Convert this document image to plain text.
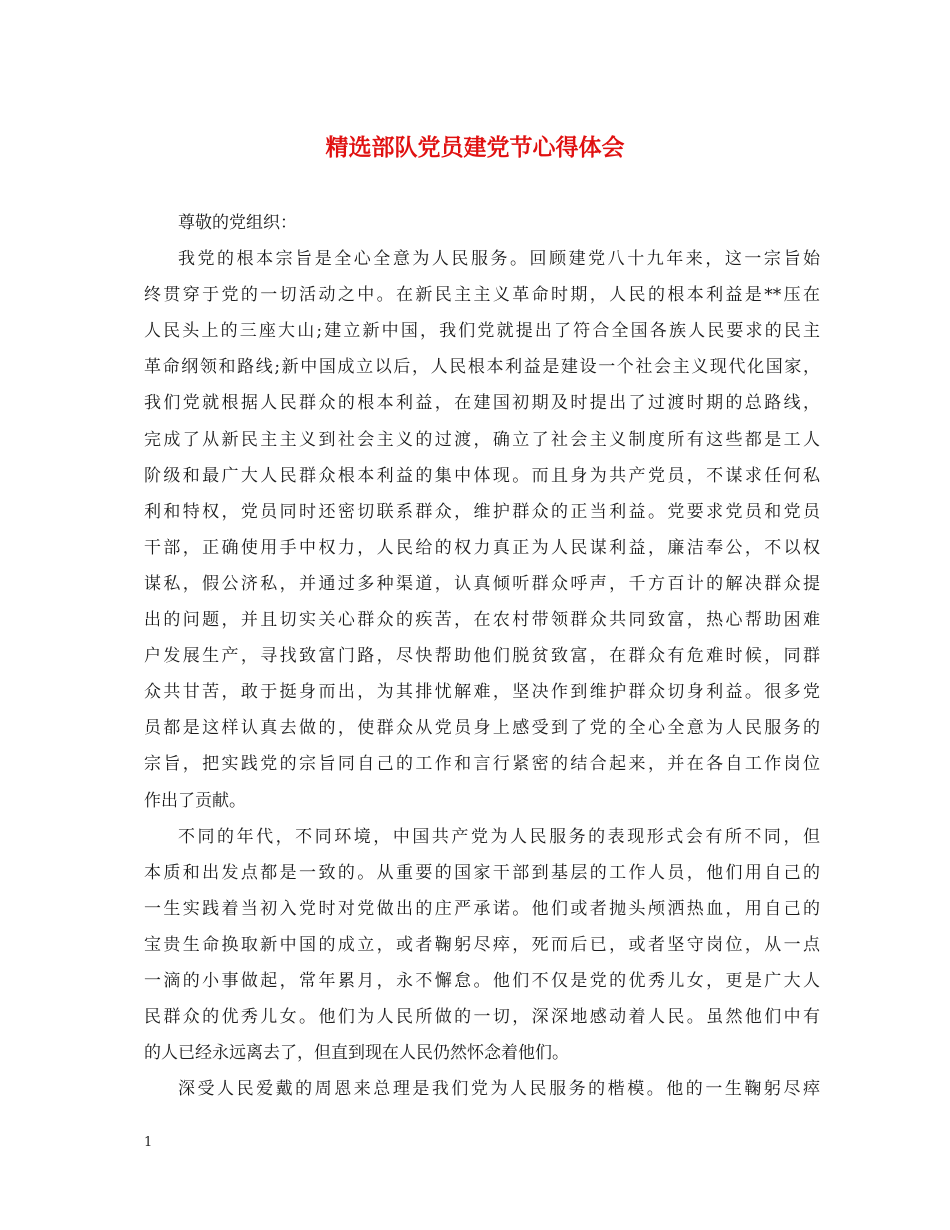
精选部队党员建党节心得体会
尊敬的党组织：
我党的根本宗旨是全心全意为人民服务。回顾建党八十九年来，这一宗旨始
终贯穿于党的一切活动之中。在新民主主义革命时期，人民的根本利益是**压在
人民头上的三座大山;建立新中国，我们党就提出了符合全国各族人民要求的民主
革命纲领和路线;新中国成立以后，人民根本利益是建设一个社会主义现代化国家，
我们党就根据人民群众的根本利益，在建国初期及时提出了过渡时期的总路线，
完成了从新民主主义到社会主义的过渡，确立了社会主义制度所有这些都是工人
阶级和最广大人民群众根本利益的集中体现。而且身为共产党员，不谋求任何私
利和特权，党员同时还密切联系群众，维护群众的正当利益。党要求党员和党员
干部，正确使用手中权力，人民给的权力真正为人民谋利益，廉洁奉公，不以权
谋私，假公济私，并通过多种渠道，认真倾听群众呼声，千方百计的解决群众提
出的问题，并且切实关心群众的疾苦，在农村带领群众共同致富，热心帮助困难
户发展生产，寻找致富门路，尽快帮助他们脱贫致富，在群众有危难时候，同群
众共甘苦，敢于挺身而出，为其排忧解难，坚决作到维护群众切身利益。很多党
员都是这样认真去做的，使群众从党员身上感受到了党的全心全意为人民服务的
宗旨，把实践党的宗旨同自己的工作和言行紧密的结合起来，并在各自工作岗位
作出了贡献。
不同的年代，不同环境，中国共产党为人民服务的表现形式会有所不同，但
本质和出发点都是一致的。从重要的国家干部到基层的工作人员，他们用自己的
一生实践着当初入党时对党做出的庄严承诺。他们或者抛头颅洒热血，用自己的
宝贵生命换取新中国的成立，或者鞠躬尽瘁，死而后已，或者坚守岗位，从一点
一滴的小事做起，常年累月，永不懈怠。他们不仅是党的优秀儿女，更是广大人
民群众的优秀儿女。他们为人民所做的一切，深深地感动着人民。虽然他们中有
的人已经永远离去了，但直到现在人民仍然怀念着他们。
深受人民爱戴的周恩来总理是我们党为人民服务的楷模。他的一生鞠躬尽瘁
1
